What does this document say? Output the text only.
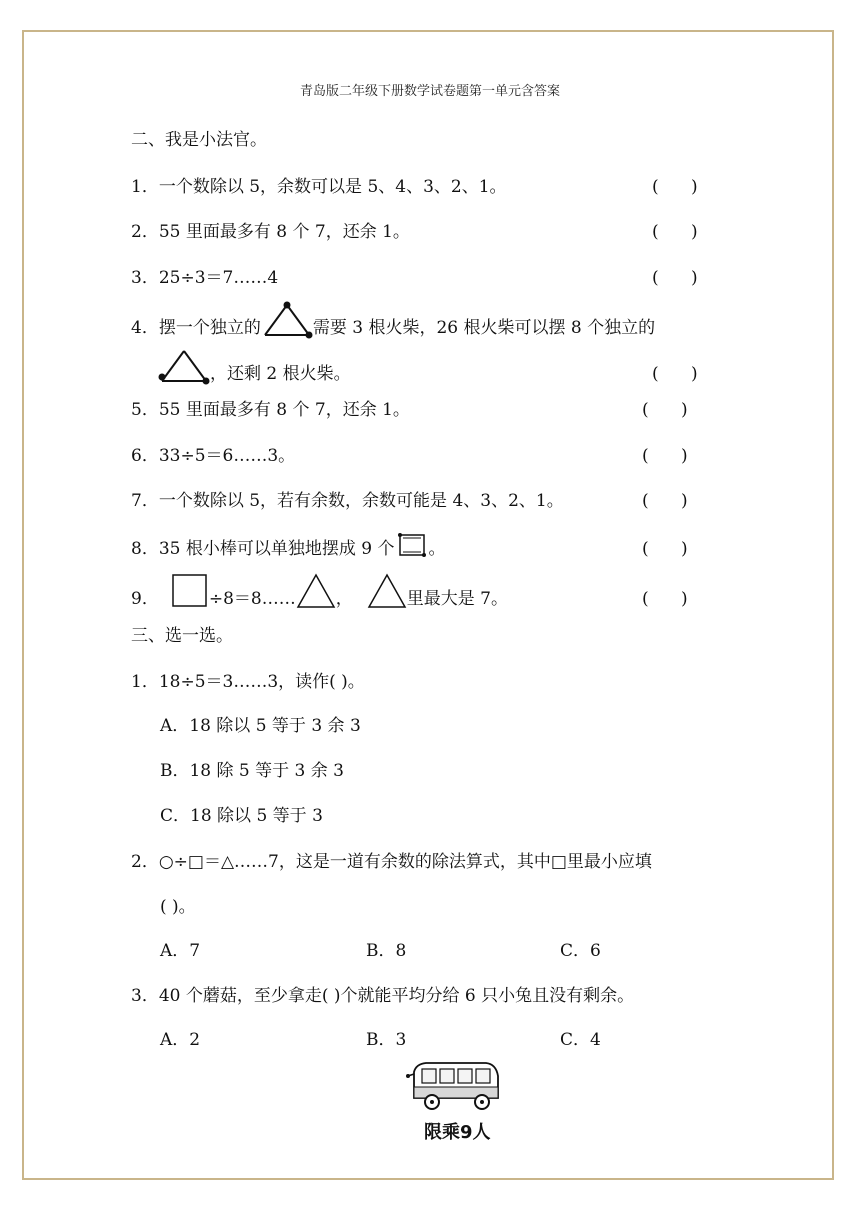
青岛版二年级下册数学试卷题第一单元含答案
二、我是小法官。
1．一个数除以 5，余数可以是 5、4、3、2、1。	(      )
2．55 里面最多有 8 个 7，还余 1。	(      )
3．25÷3＝7……4	(      )
4．摆一个独立的	需要 3 根火柴，26 根火柴可以摆 8 个独立的
，还剩 2 根火柴。	(      )
5．55 里面最多有 8 个 7，还余 1。	(      )
6．33÷5＝6……3。	(      )
7．一个数除以 5，若有余数，余数可能是 4、3、2、1。	(      )
8．35 根小棒可以单独地摆成 9 个 。	(      )
9．	÷8＝8…… ，	里最大是 7。	(      )
三、选一选。
1．18÷5＝3……3，读作( )。
A．18 除以 5 等于 3 余 3
B．18 除 5 等于 3 余 3
C．18 除以 5 等于 3
2．○÷□＝△……7，这是一道有余数的除法算式，其中□里最小应填
( )。
A．7	B．8	C．6
3．40 个蘑菇，至少拿走( )个就能平均分给 6 只小兔且没有剩余。
A．2	B．3	C．4
限乘9人
